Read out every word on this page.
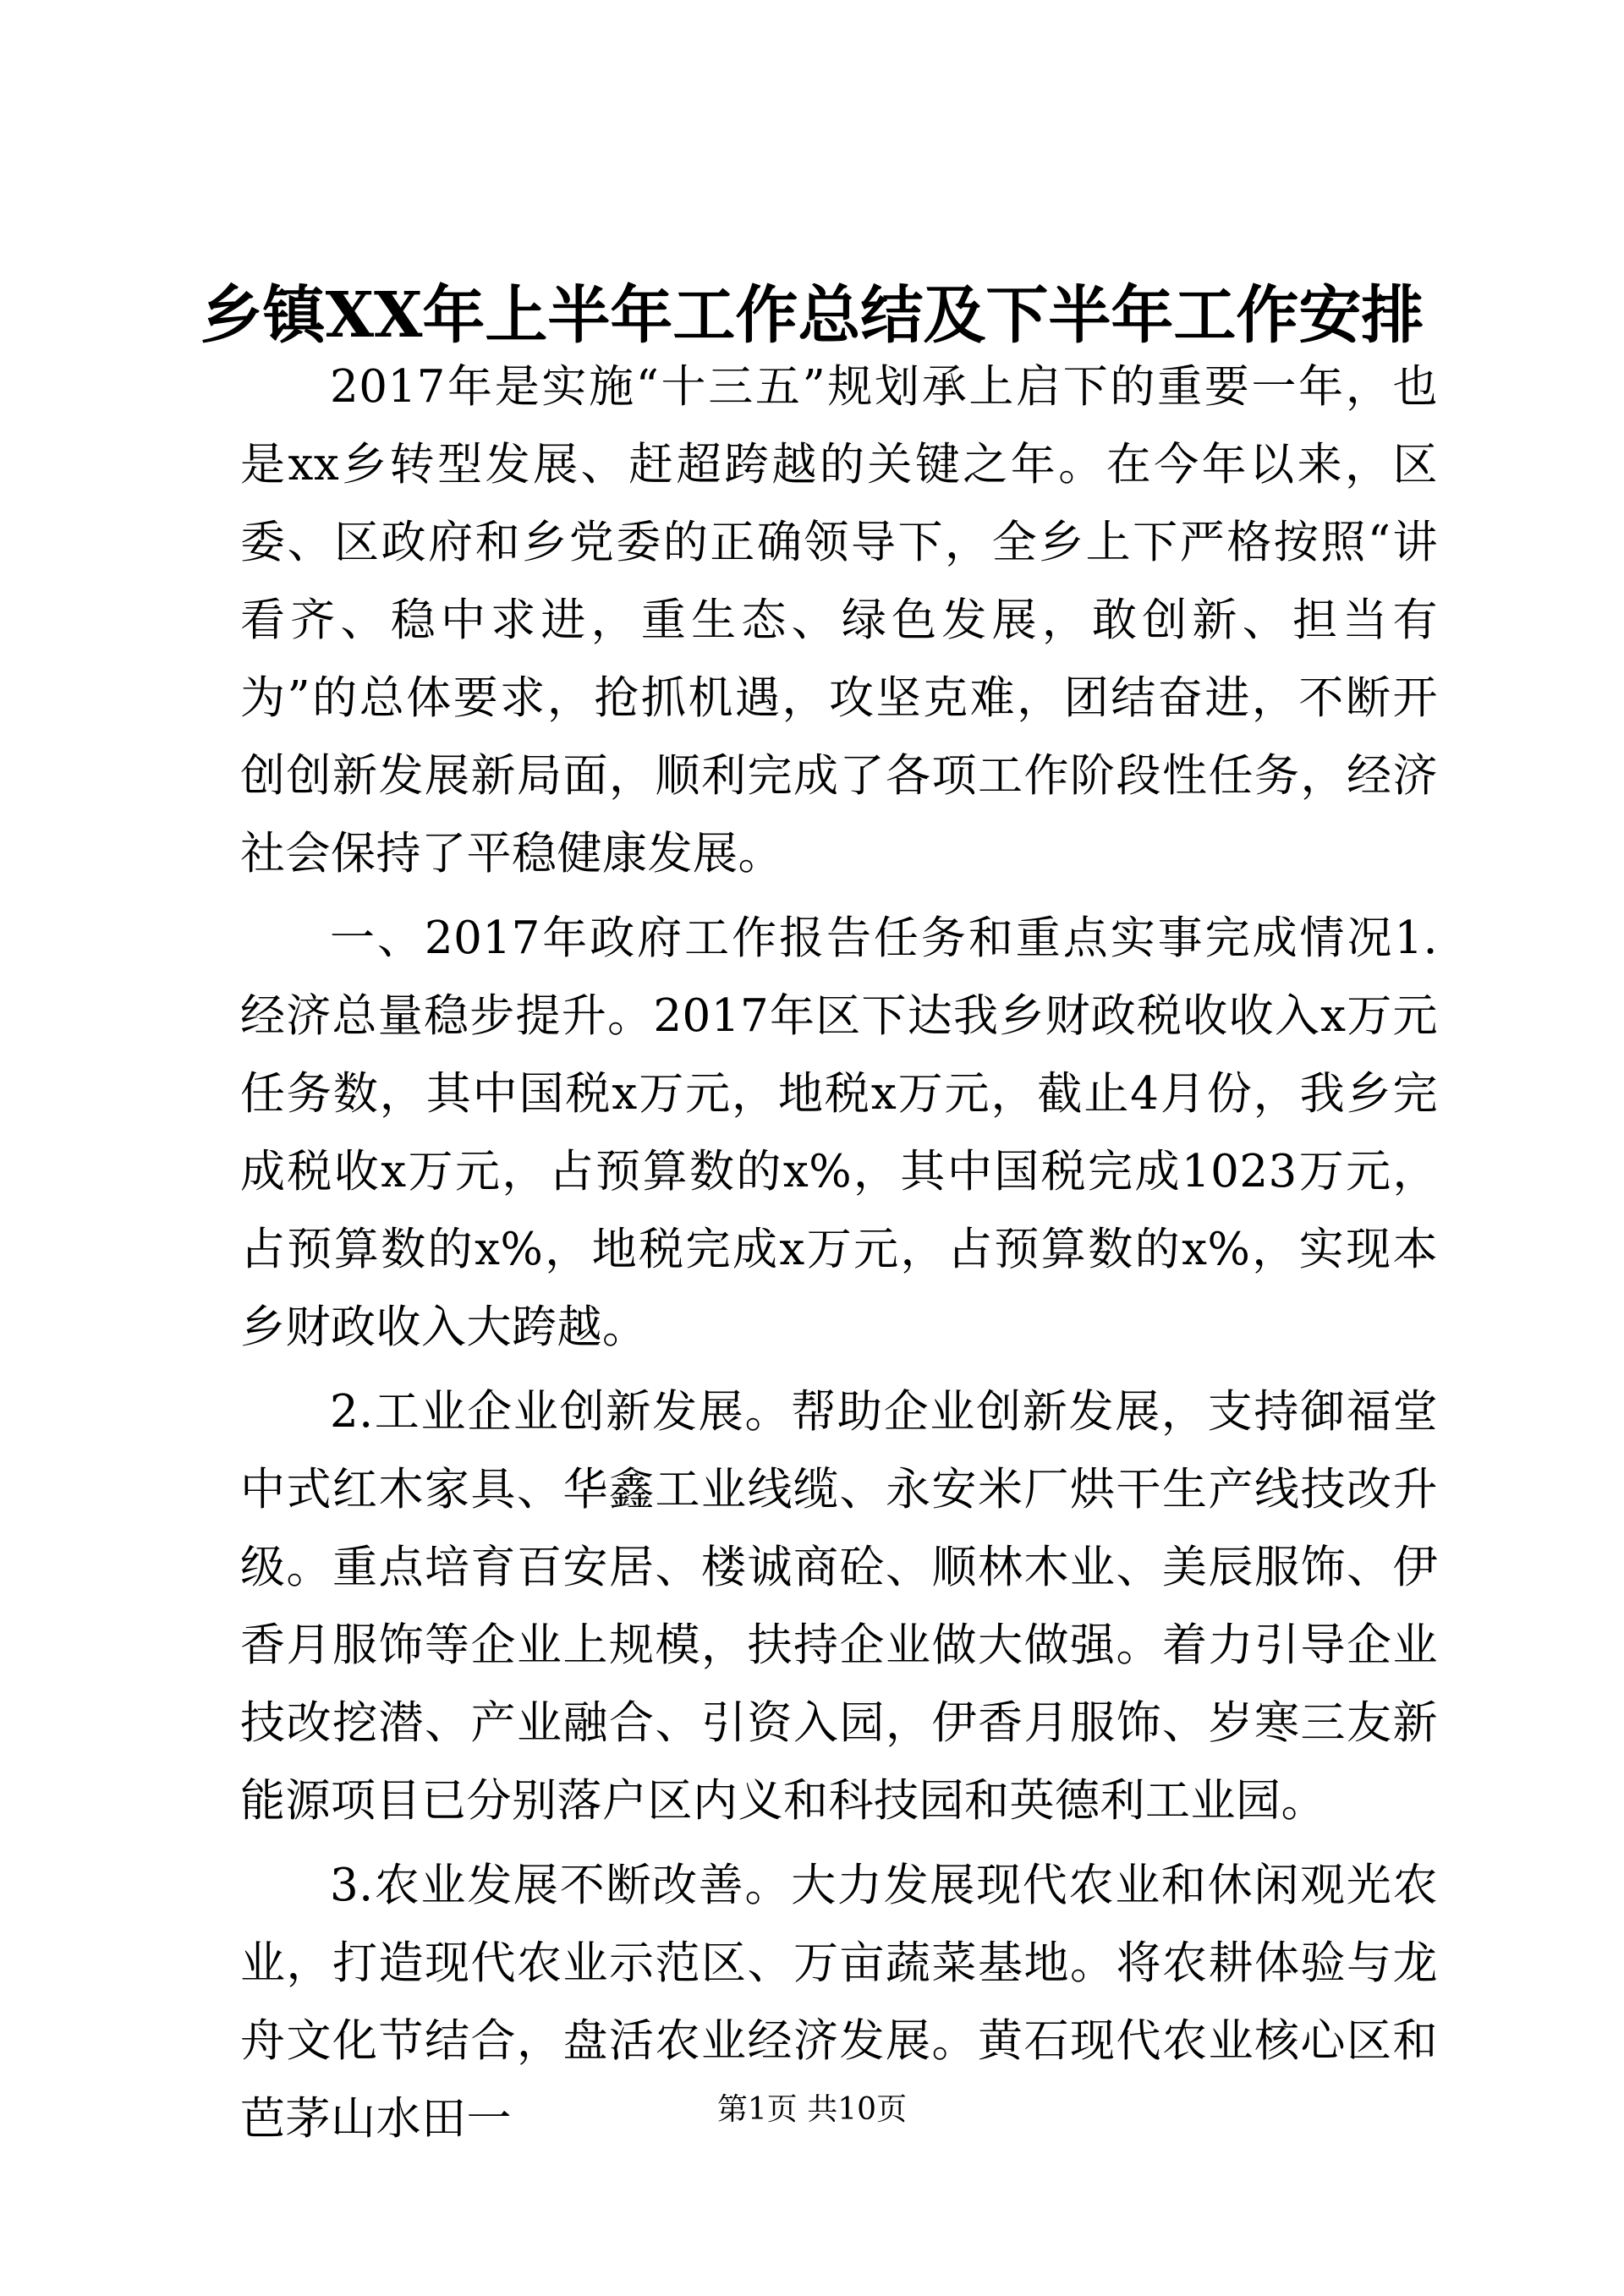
乡镇XX年上半年工作总结及下半年工作安排

2017年是实施“十三五”规划承上启下的重要一年，也是xx乡转型发展、赶超跨越的关键之年。在今年以来，区委、区政府和乡党委的正确领导下，全乡上下严格按照“讲看齐、稳中求进，重生态、绿色发展，敢创新、担当有为”的总体要求，抢抓机遇，攻坚克难，团结奋进，不断开创创新发展新局面，顺利完成了各项工作阶段性任务，经济社会保持了平稳健康发展。

一、2017年政府工作报告任务和重点实事完成情况1.经济总量稳步提升。2017年区下达我乡财政税收收入x万元任务数，其中国税x万元，地税x万元，截止4月份，我乡完成税收x万元，占预算数的x%，其中国税完成1023万元，占预算数的x%，地税完成x万元，占预算数的x%，实现本乡财政收入大跨越。

2.工业企业创新发展。帮助企业创新发展，支持御福堂中式红木家具、华鑫工业线缆、永安米厂烘干生产线技改升级。重点培育百安居、楼诚商砼、顺林木业、美辰服饰、伊香月服饰等企业上规模，扶持企业做大做强。着力引导企业技改挖潜、产业融合、引资入园，伊香月服饰、岁寒三友新能源项目已分别落户区内义和科技园和英德利工业园。

3.农业发展不断改善。大力发展现代农业和休闲观光农业，打造现代农业示范区、万亩蔬菜基地。将农耕体验与龙舟文化节结合，盘活农业经济发展。黄石现代农业核心区和芭茅山水田一	第1页 共10页
